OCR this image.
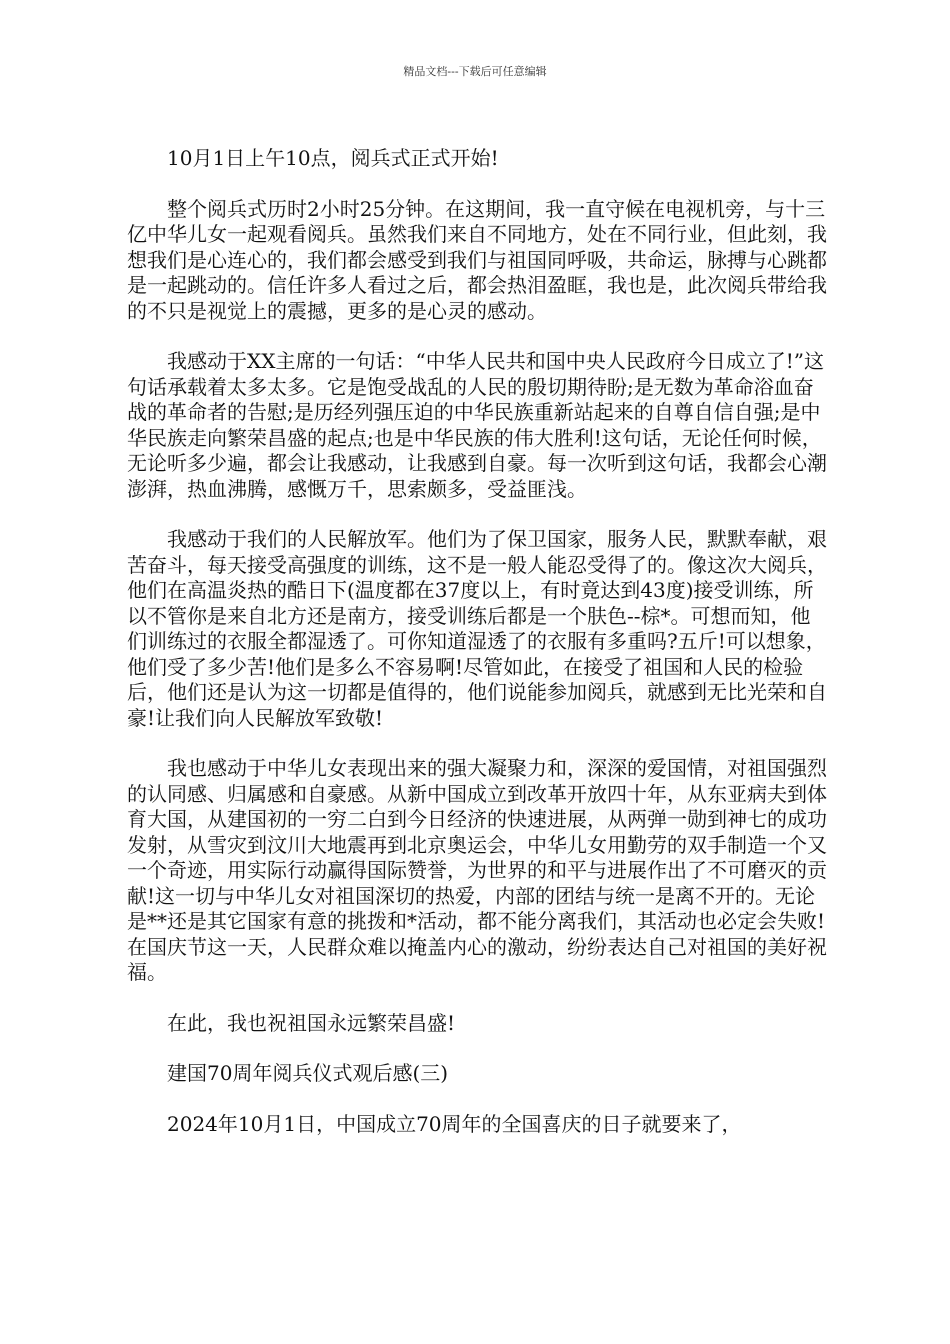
精品文档---下载后可任意编辑

10月1日上午10点，阅兵式正式开始!

整个阅兵式历时2小时25分钟。在这期间，我一直守候在电视机旁，与十三亿中华儿女一起观看阅兵。虽然我们来自不同地方，处在不同行业，但此刻，我想我们是心连心的，我们都会感受到我们与祖国同呼吸，共命运，脉搏与心跳都是一起跳动的。信任许多人看过之后，都会热泪盈眶，我也是，此次阅兵带给我的不只是视觉上的震撼，更多的是心灵的感动。

我感动于XX主席的一句话：“中华人民共和国中央人民政府今日成立了!”这句话承载着太多太多。它是饱受战乱的人民的殷切期待盼;是无数为革命浴血奋战的革命者的告慰;是历经列强压迫的中华民族重新站起来的自尊自信自强;是中华民族走向繁荣昌盛的起点;也是中华民族的伟大胜利!这句话，无论任何时候，无论听多少遍，都会让我感动，让我感到自豪。每一次听到这句话，我都会心潮澎湃，热血沸腾，感慨万千，思索颇多，受益匪浅。

我感动于我们的人民解放军。他们为了保卫国家，服务人民，默默奉献，艰苦奋斗，每天接受高强度的训练，这不是一般人能忍受得了的。像这次大阅兵，他们在高温炎热的酷日下(温度都在37度以上，有时竟达到43度)接受训练，所以不管你是来自北方还是南方，接受训练后都是一个肤色--棕*。可想而知，他们训练过的衣服全都湿透了。可你知道湿透了的衣服有多重吗?五斤!可以想象，他们受了多少苦!他们是多么不容易啊!尽管如此，在接受了祖国和人民的检验后，他们还是认为这一切都是值得的，他们说能参加阅兵，就感到无比光荣和自豪!让我们向人民解放军致敬!

我也感动于中华儿女表现出来的强大凝聚力和，深深的爱国情，对祖国强烈的认同感、归属感和自豪感。从新中国成立到改革开放四十年，从东亚病夫到体育大国，从建国初的一穷二白到今日经济的快速进展，从两弹一勋到神七的成功发射，从雪灾到汶川大地震再到北京奥运会，中华儿女用勤劳的双手制造一个又一个奇迹，用实际行动赢得国际赞誉，为世界的和平与进展作出了不可磨灭的贡献!这一切与中华儿女对祖国深切的热爱，内部的团结与统一是离不开的。无论是**还是其它国家有意的挑拨和*活动，都不能分离我们，其活动也必定会失败!在国庆节这一天，人民群众难以掩盖内心的激动，纷纷表达自己对祖国的美好祝福。

在此，我也祝祖国永远繁荣昌盛!

建国70周年阅兵仪式观后感(三)

2024年10月1日，中国成立70周年的全国喜庆的日子就要来了，
